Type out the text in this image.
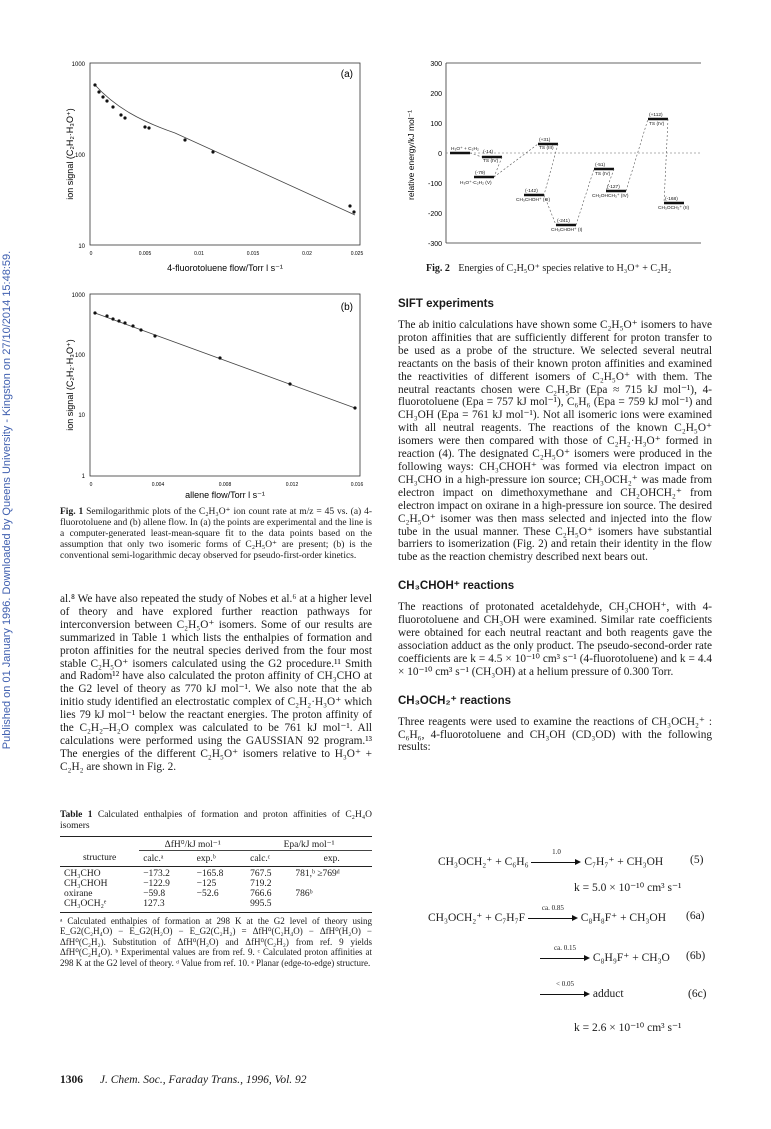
Published on 01 January 1996. Downloaded by Queens University - Kingston on 27/10/2014 15:48:59.
1000
100
10
0	0.005	0.01	0.015	0.02	0.025
(a)
4-fluorotoluene flow/Torr l s⁻¹
ion signal (C₂H₂·H₃O⁺)
1000
100
10
1
0	0.004	0.008	0.012	0.016
(b)
allene flow/Torr l s⁻¹
ion signal (C₂H₂·H₃O⁺)
Fig. 1 Semilogarithmic plots of the C₂H₃O⁺ ion count rate at m/z = 45 vs. (a) 4-fluorotoluene and (b) allene flow. In (a) the points are experimental and the line is a computer-generated least-mean-square fit to the data points based on the assumption that only two isomeric forms of C₂H₅O⁺ are present; (b) is the conventional semi-logarithmic decay observed for pseudo-first-order kinetics.

al.⁸ We have also repeated the study of Nobes et al.⁶ at a higher level of theory and have explored further reaction pathways for interconversion between C₂H₅O⁺ isomers. Some of our results are summarized in Table 1 which lists the enthalpies of formation and proton affinities for the neutral species derived from the four most stable C₂H₅O⁺ isomers calculated using the G2 procedure.¹¹ Smith and Radom¹² have also calculated the proton affinity of CH₃CHO at the G2 level of theory as 770 kJ mol⁻¹. We also note that the ab initio study identified an electrostatic complex of C₂H₂·H₃O⁺ which lies 79 kJ mol⁻¹ below the reactant energies. The proton affinity of the C₂H₂–H₂O complex was calculated to be 761 kJ mol⁻¹. All calculations were performed using the GAUSSIAN 92 program.¹³ The energies of the different C₂H₅O⁺ isomers relative to H₃O⁺ + C₂H₂ are shown in Fig. 2.

Table 1 Calculated enthalpies of formation and proton affinities of C₂H₄O isomers
	ΔfH⁰/kJ mol⁻¹		Epa/kJ mol⁻¹	
structure	calc.ᵃ	exp.ᵇ	calc.ᶜ	exp.

CH₃CHO	−173.2	−165.8	767.5	781,ᵇ ≥769ᵈ
CH₃CHOH	−122.9	−125	719.2	
oxirane	−59.8	−52.6	766.6	786ᵇ
CH₃OCH₂ᵉ	127.3		995.5	
ᵃ Calculated enthalpies of formation at 298 K at the G2 level of theory using E_G2(C₂H₄O) − E_G2(H₂O) − E_G2(C₂H₂) = ΔfH⁰(C₂H₄O) − ΔfH⁰(H₂O) − ΔfH⁰(C₂H₂). Substitution of ΔfH⁰(H₂O) and ΔfH⁰(C₂H₂) from ref. 9 yields ΔfH⁰(C₂H₄O). ᵇ Experimental values are from ref. 9. ᶜ Calculated proton affinities at 298 K at the G2 level of theory. ᵈ Value from ref. 10. ᵉ Planar (edge-to-edge) structure.
1306 J. Chem. Soc., Faraday Trans., 1996, Vol. 92
relative energy/kJ mol⁻¹
300
200
100
0
-100
-200
-300
H₃O⁺ + C₂H₂
(-14)
TS (IV)
(-79)
H₃O⁺·C₂H₂ (V)
(+31)
TS (III)
(-142)
CH₃CHOH⁺ (III)
(-241)
CH₃CHOH⁺ (I)
(-51)
TS (IV)
(-127)
CH₂OHCH₃⁺ (IV)
(+112)
TS (IV)
(-168)
CH₃OCH₂⁺ (II)
Fig. 2 Energies of C₂H₅O⁺ species relative to H₃O⁺ + C₂H₂
SIFT experiments

The ab initio calculations have shown some C₂H₅O⁺ isomers to have proton affinities that are sufficiently different for proton transfer to be used as a probe of the structure. We selected several neutral reactants on the basis of their known proton affinities and examined the reactivities of different isomers of C₂H₅O⁺ with them. The neutral reactants chosen were C₂H₅Br (Epa ≈ 715 kJ mol⁻¹), 4-fluorotoluene (Epa = 757 kJ mol⁻¹), C₆H₆ (Epa = 759 kJ mol⁻¹) and CH₃OH (Epa = 761 kJ mol⁻¹). Not all isomeric ions were examined with all neutral reagents. The reactions of the known C₂H₅O⁺ isomers were then compared with those of C₂H₂·H₃O⁺ formed in reaction (4). The designated C₂H₅O⁺ isomers were produced in the following ways: CH₃CHOH⁺ was formed via electron impact on CH₃CHO in a high-pressure ion source; CH₃OCH₂⁺ was made from electron impact on dimethoxymethane and CH₂OHCH₂⁺ from electron impact on oxirane in a high-pressure ion source. The desired C₂H₅O⁺ isomer was then mass selected and injected into the flow tube in the usual manner. These C₂H₅O⁺ isomers have substantial barriers to isomerization (Fig. 2) and retain their identity in the flow tube as the reaction chemistry described next bears out.

CH₃CHOH⁺ reactions

The reactions of protonated acetaldehyde, CH₃CHOH⁺, with 4-fluorotoluene and CH₃OH were examined. Similar rate coefficients were obtained for each neutral reactant and both reagents gave the association adduct as the only product. The pseudo-second-order rate coefficients are k = 4.5 × 10⁻¹⁰ cm³ s⁻¹ (4-fluorotoluene) and k = 4.4 × 10⁻¹⁰ cm³ s⁻¹ (CH₃OH) at a helium pressure of 0.300 Torr.

CH₃OCH₂⁺ reactions

Three reagents were used to examine the reactions of CH₃OCH₂⁺ : C₆H₆, 4-fluorotoluene and CH₃OH (CD₃OD) with the following results:

CH₃OCH₂⁺ + C₆H₆
1.0
C₇H₇⁺ + CH₃OH (5)
k = 5.0 × 10⁻¹⁰ cm³ s⁻¹
CH₃OCH₂⁺ + C₇H₇F
ca. 0.85
C₈H₈F⁺ + CH₃OH (6a)
ca. 0.15
C₈H₉F⁺ + CH₃O (6b)
< 0.05
adduct	(6c)
k = 2.6 × 10⁻¹⁰ cm³ s⁻¹
